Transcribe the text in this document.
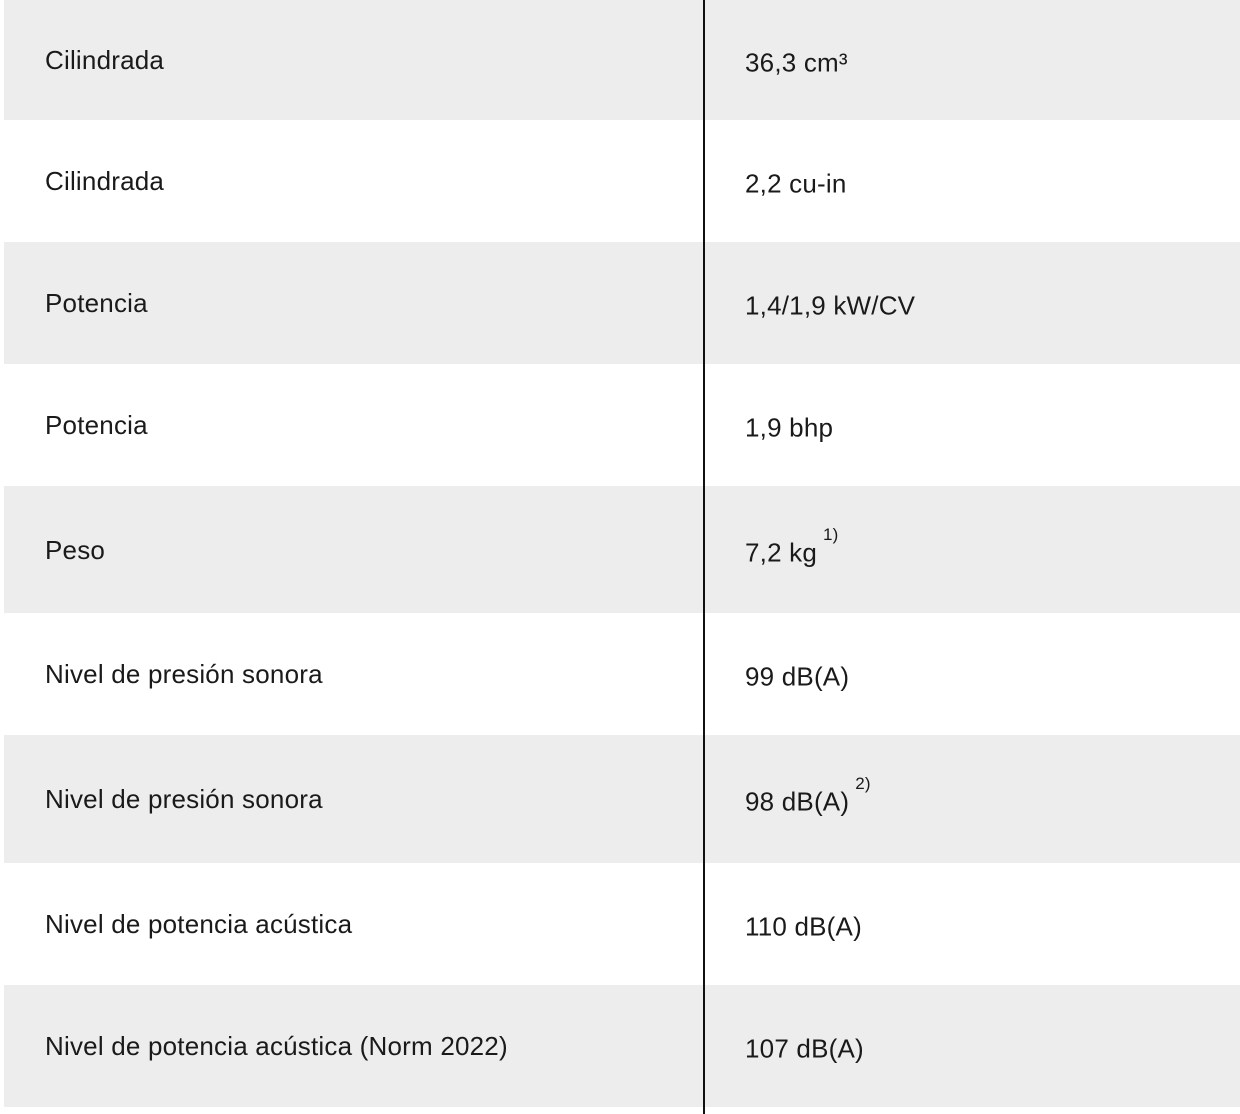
Cilindrada	36,3 cm³
Cilindrada	2,2 cu-in
Potencia	1,4/1,9 kW/CV
Potencia	1,9 bhp
Peso	7,2 kg$^{1)}$
Nivel de presión sonora	99 dB(A)
Nivel de presión sonora	98 dB(A)$^{2)}$
Nivel de potencia acústica	110 dB(A)
Nivel de potencia acústica (Norm 2022)	107 dB(A)
